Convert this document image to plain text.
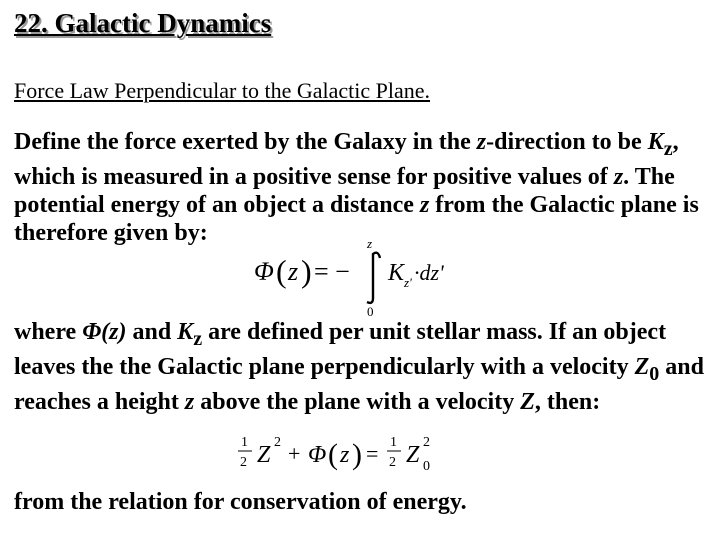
22. Galactic Dynamics
Force Law Perpendicular to the Galactic Plane.

Define the force exerted by the Galaxy in the z-direction to be $K_z$, which is measured in a positive sense for positive values of z. The potential energy of an object a distance z from the Galactic plane is therefore given by:

Φ ( z ) = −
z
0
K z' ·dz'

where Φ(z) and $K_z$ are defined per unit stellar mass. If an object leaves the the Galactic plane perpendicularly with a velocity $Z_0$ and reaches a height z above the plane with a velocity Z, then:

1
2 Z 2 + Φ ( z ) = 1
2 Z 2
0

from the relation for conservation of energy.
